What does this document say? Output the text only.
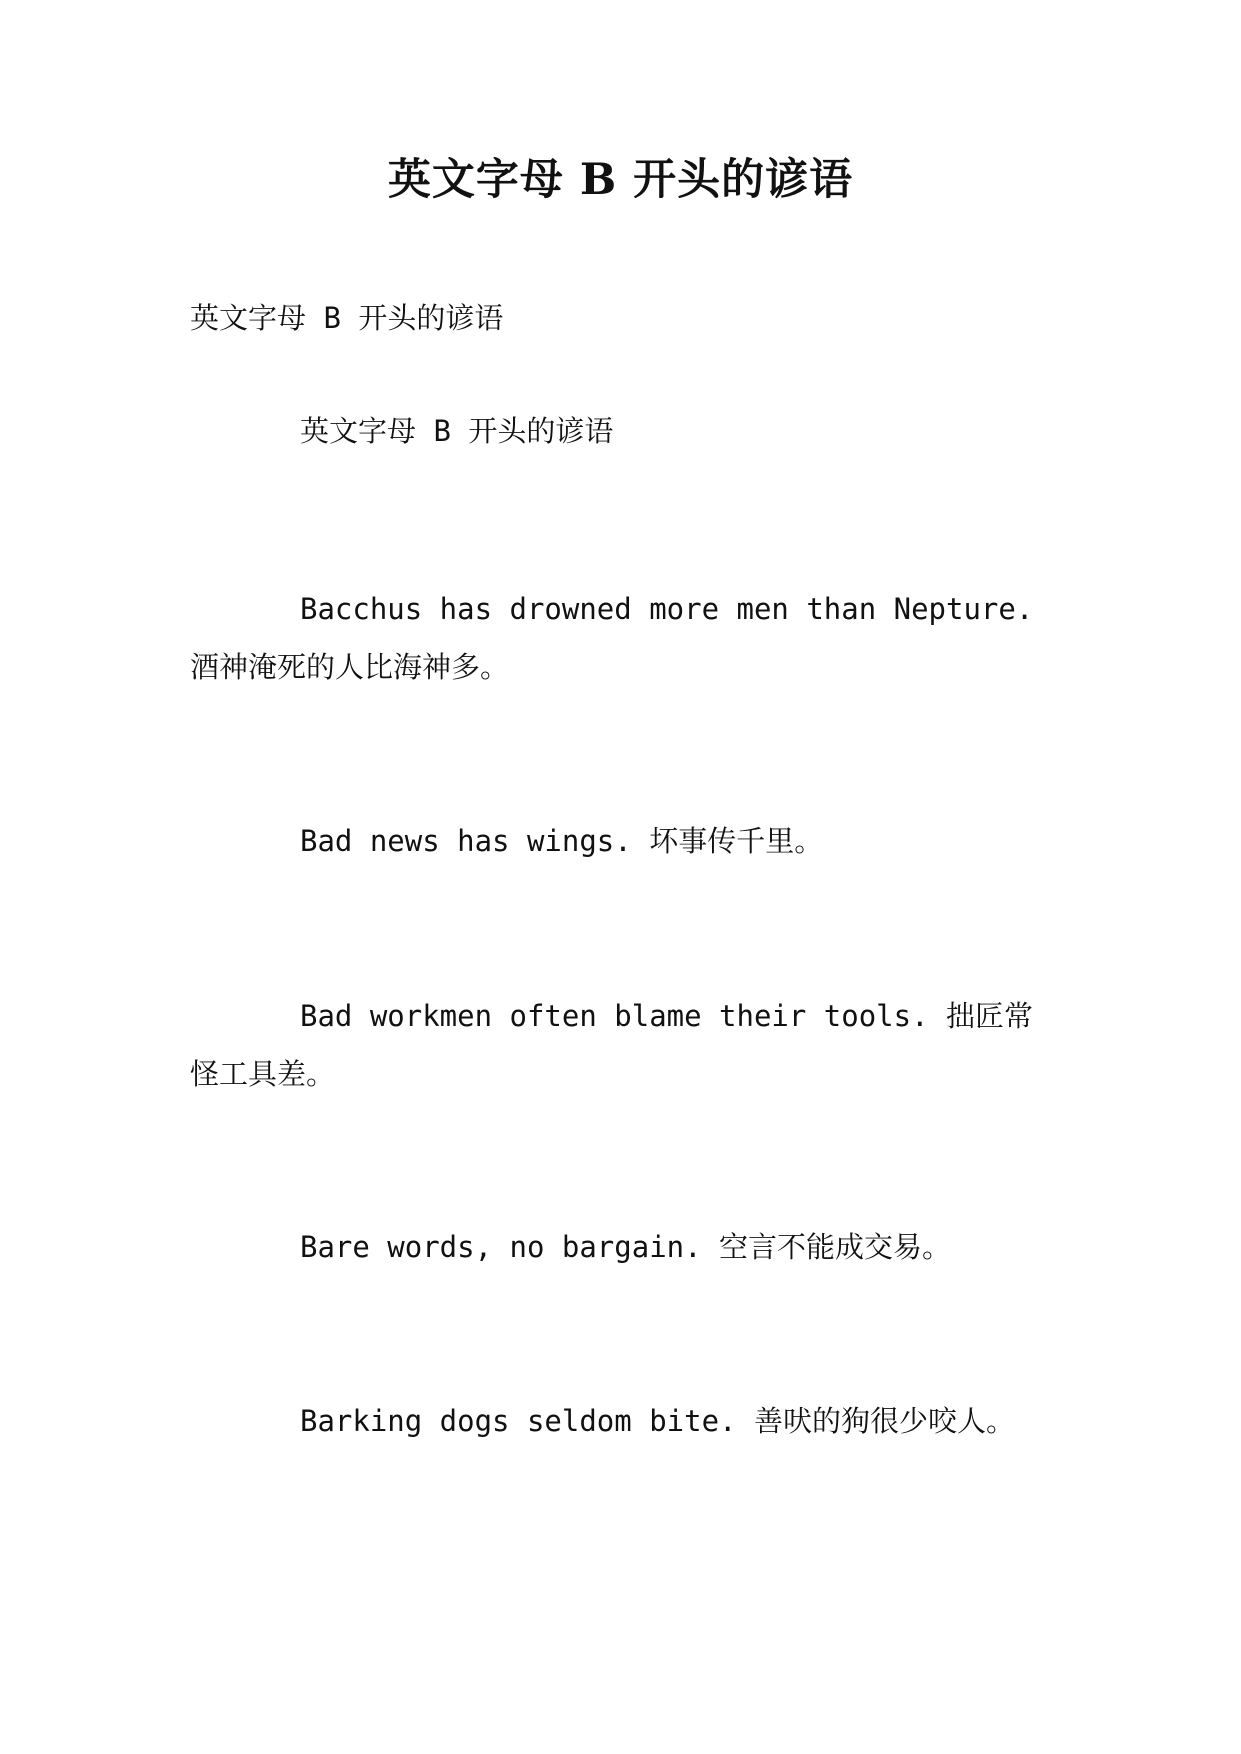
英文字母 B 开头的谚语
英文字母 B 开头的谚语
英文字母 B 开头的谚语
Bacchus has drowned more men than Nepture. 酒神淹死的人比海神多。
Bad news has wings. 坏事传千里。
Bad workmen often blame their tools. 拙匠常怪工具差。
Bare words, no bargain. 空言不能成交易。
Barking dogs seldom bite. 善吠的狗很少咬人。
